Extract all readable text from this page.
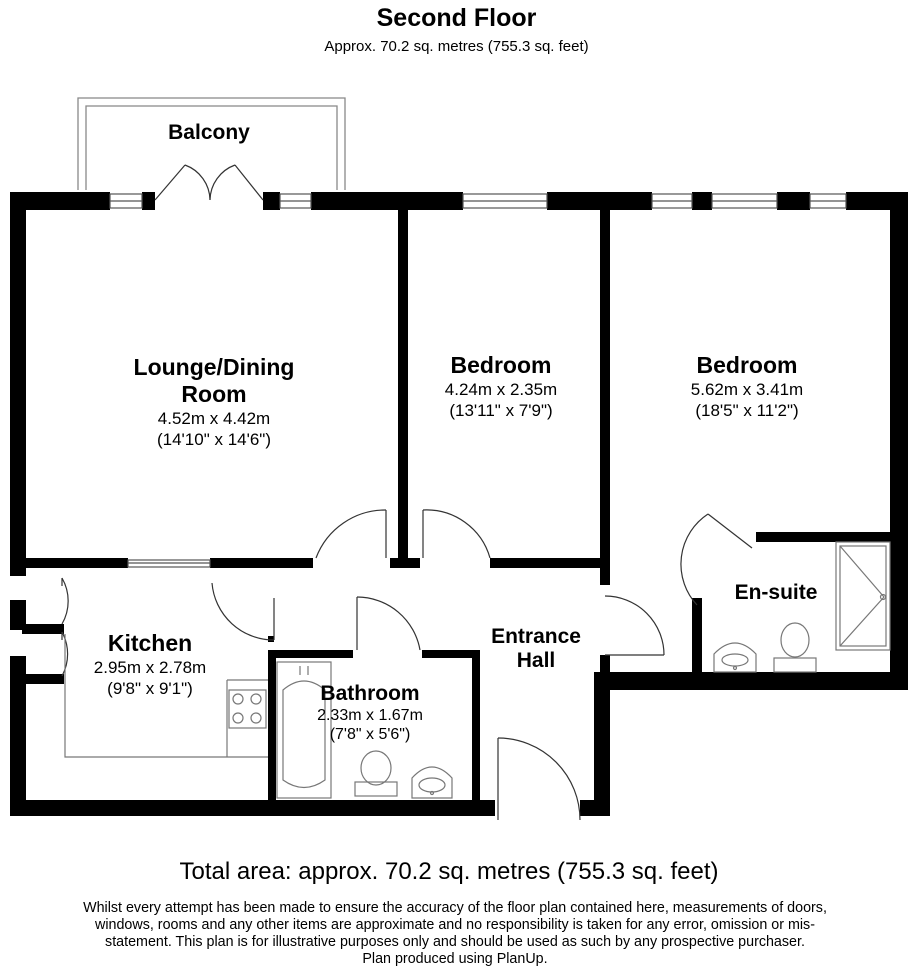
Second Floor
Approx. 70.2 sq. metres (755.3 sq. feet)
Balcony
Lounge/Dining
Room
4.52m x 4.42m
(14'10" x 14'6")
Bedroom
4.24m x 2.35m
(13'11" x 7'9")
Bedroom
5.62m x 3.41m
(18'5" x 11'2")
En-suite
Entrance
Hall
Kitchen
2.95m x 2.78m
(9'8" x 9'1")	Bathroom
2.33m x 1.67m
(7'8" x 5'6")
Total area: approx. 70.2 sq. metres (755.3 sq. feet)
Whilst every attempt has been made to ensure the accuracy of the floor plan contained here, measurements of doors,
windows, rooms and any other items are approximate and no responsibility is taken for any error, omission or mis-
statement. This plan is for illustrative purposes only and should be used as such by any prospective purchaser.
Plan produced using PlanUp.
